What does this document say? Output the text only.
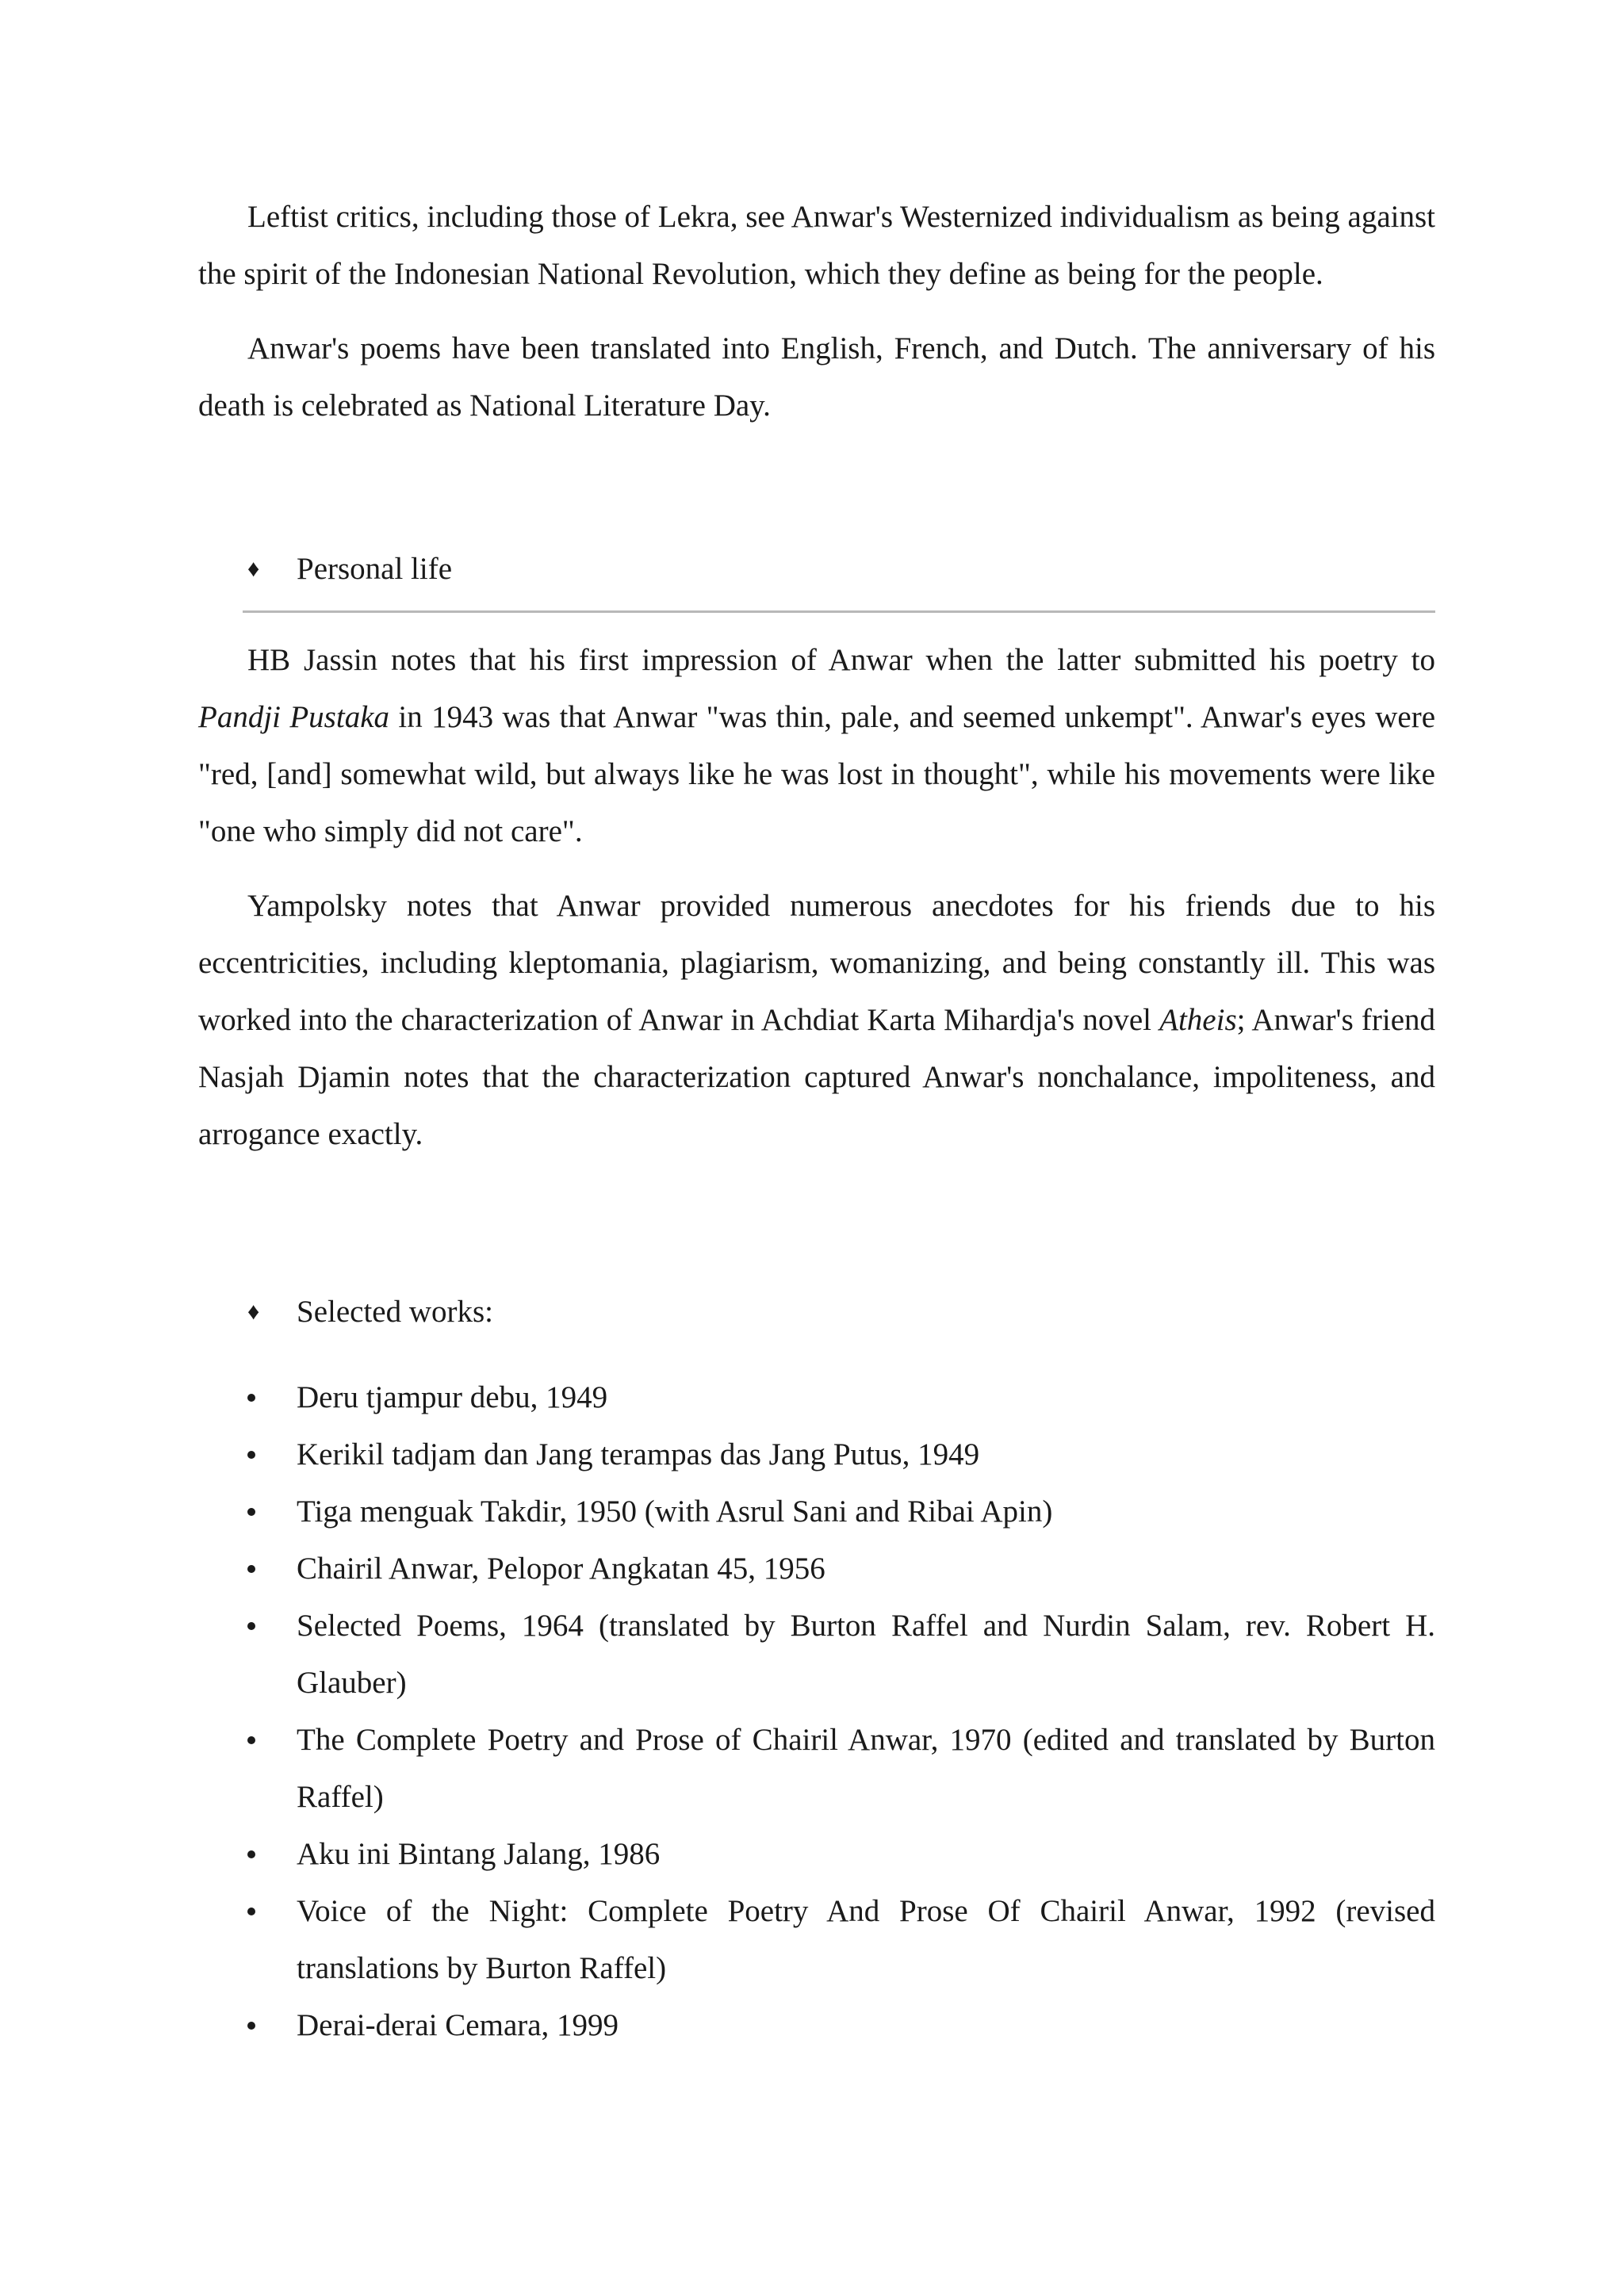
Leftist critics, including those of Lekra, see Anwar's Westernized individualism as being against the spirit of the Indonesian National Revolution, which they define as being for the people.

Anwar's poems have been translated into English, French, and Dutch. The anniversary of his death is celebrated as National Literature Day.

♦	Personal life

HB Jassin notes that his first impression of Anwar when the latter submitted his poetry to Pandji Pustaka in 1943 was that Anwar "was thin, pale, and seemed unkempt". Anwar's eyes were "red, [and] somewhat wild, but always like he was lost in thought", while his movements were like "one who simply did not care".

Yampolsky notes that Anwar provided numerous anecdotes for his friends due to his eccentricities, including kleptomania, plagiarism, womanizing, and being constantly ill. This was worked into the characterization of Anwar in Achdiat Karta Mihardja's novel Atheis; Anwar's friend Nasjah Djamin notes that the characterization captured Anwar's nonchalance, impoliteness, and arrogance exactly.

♦	Selected works:
Deru tjampur debu, 1949
Kerikil tadjam dan Jang terampas das Jang Putus, 1949
Tiga menguak Takdir, 1950 (with Asrul Sani and Ribai Apin)
Chairil Anwar, Pelopor Angkatan 45, 1956
Selected Poems, 1964 (translated by Burton Raffel and Nurdin Salam, rev. Robert H. Glauber)
The Complete Poetry and Prose of Chairil Anwar, 1970 (edited and translated by Burton Raffel)
Aku ini Bintang Jalang, 1986
Voice of the Night: Complete Poetry And Prose Of Chairil Anwar, 1992 (revised translations by Burton Raffel)
Derai-derai Cemara, 1999
